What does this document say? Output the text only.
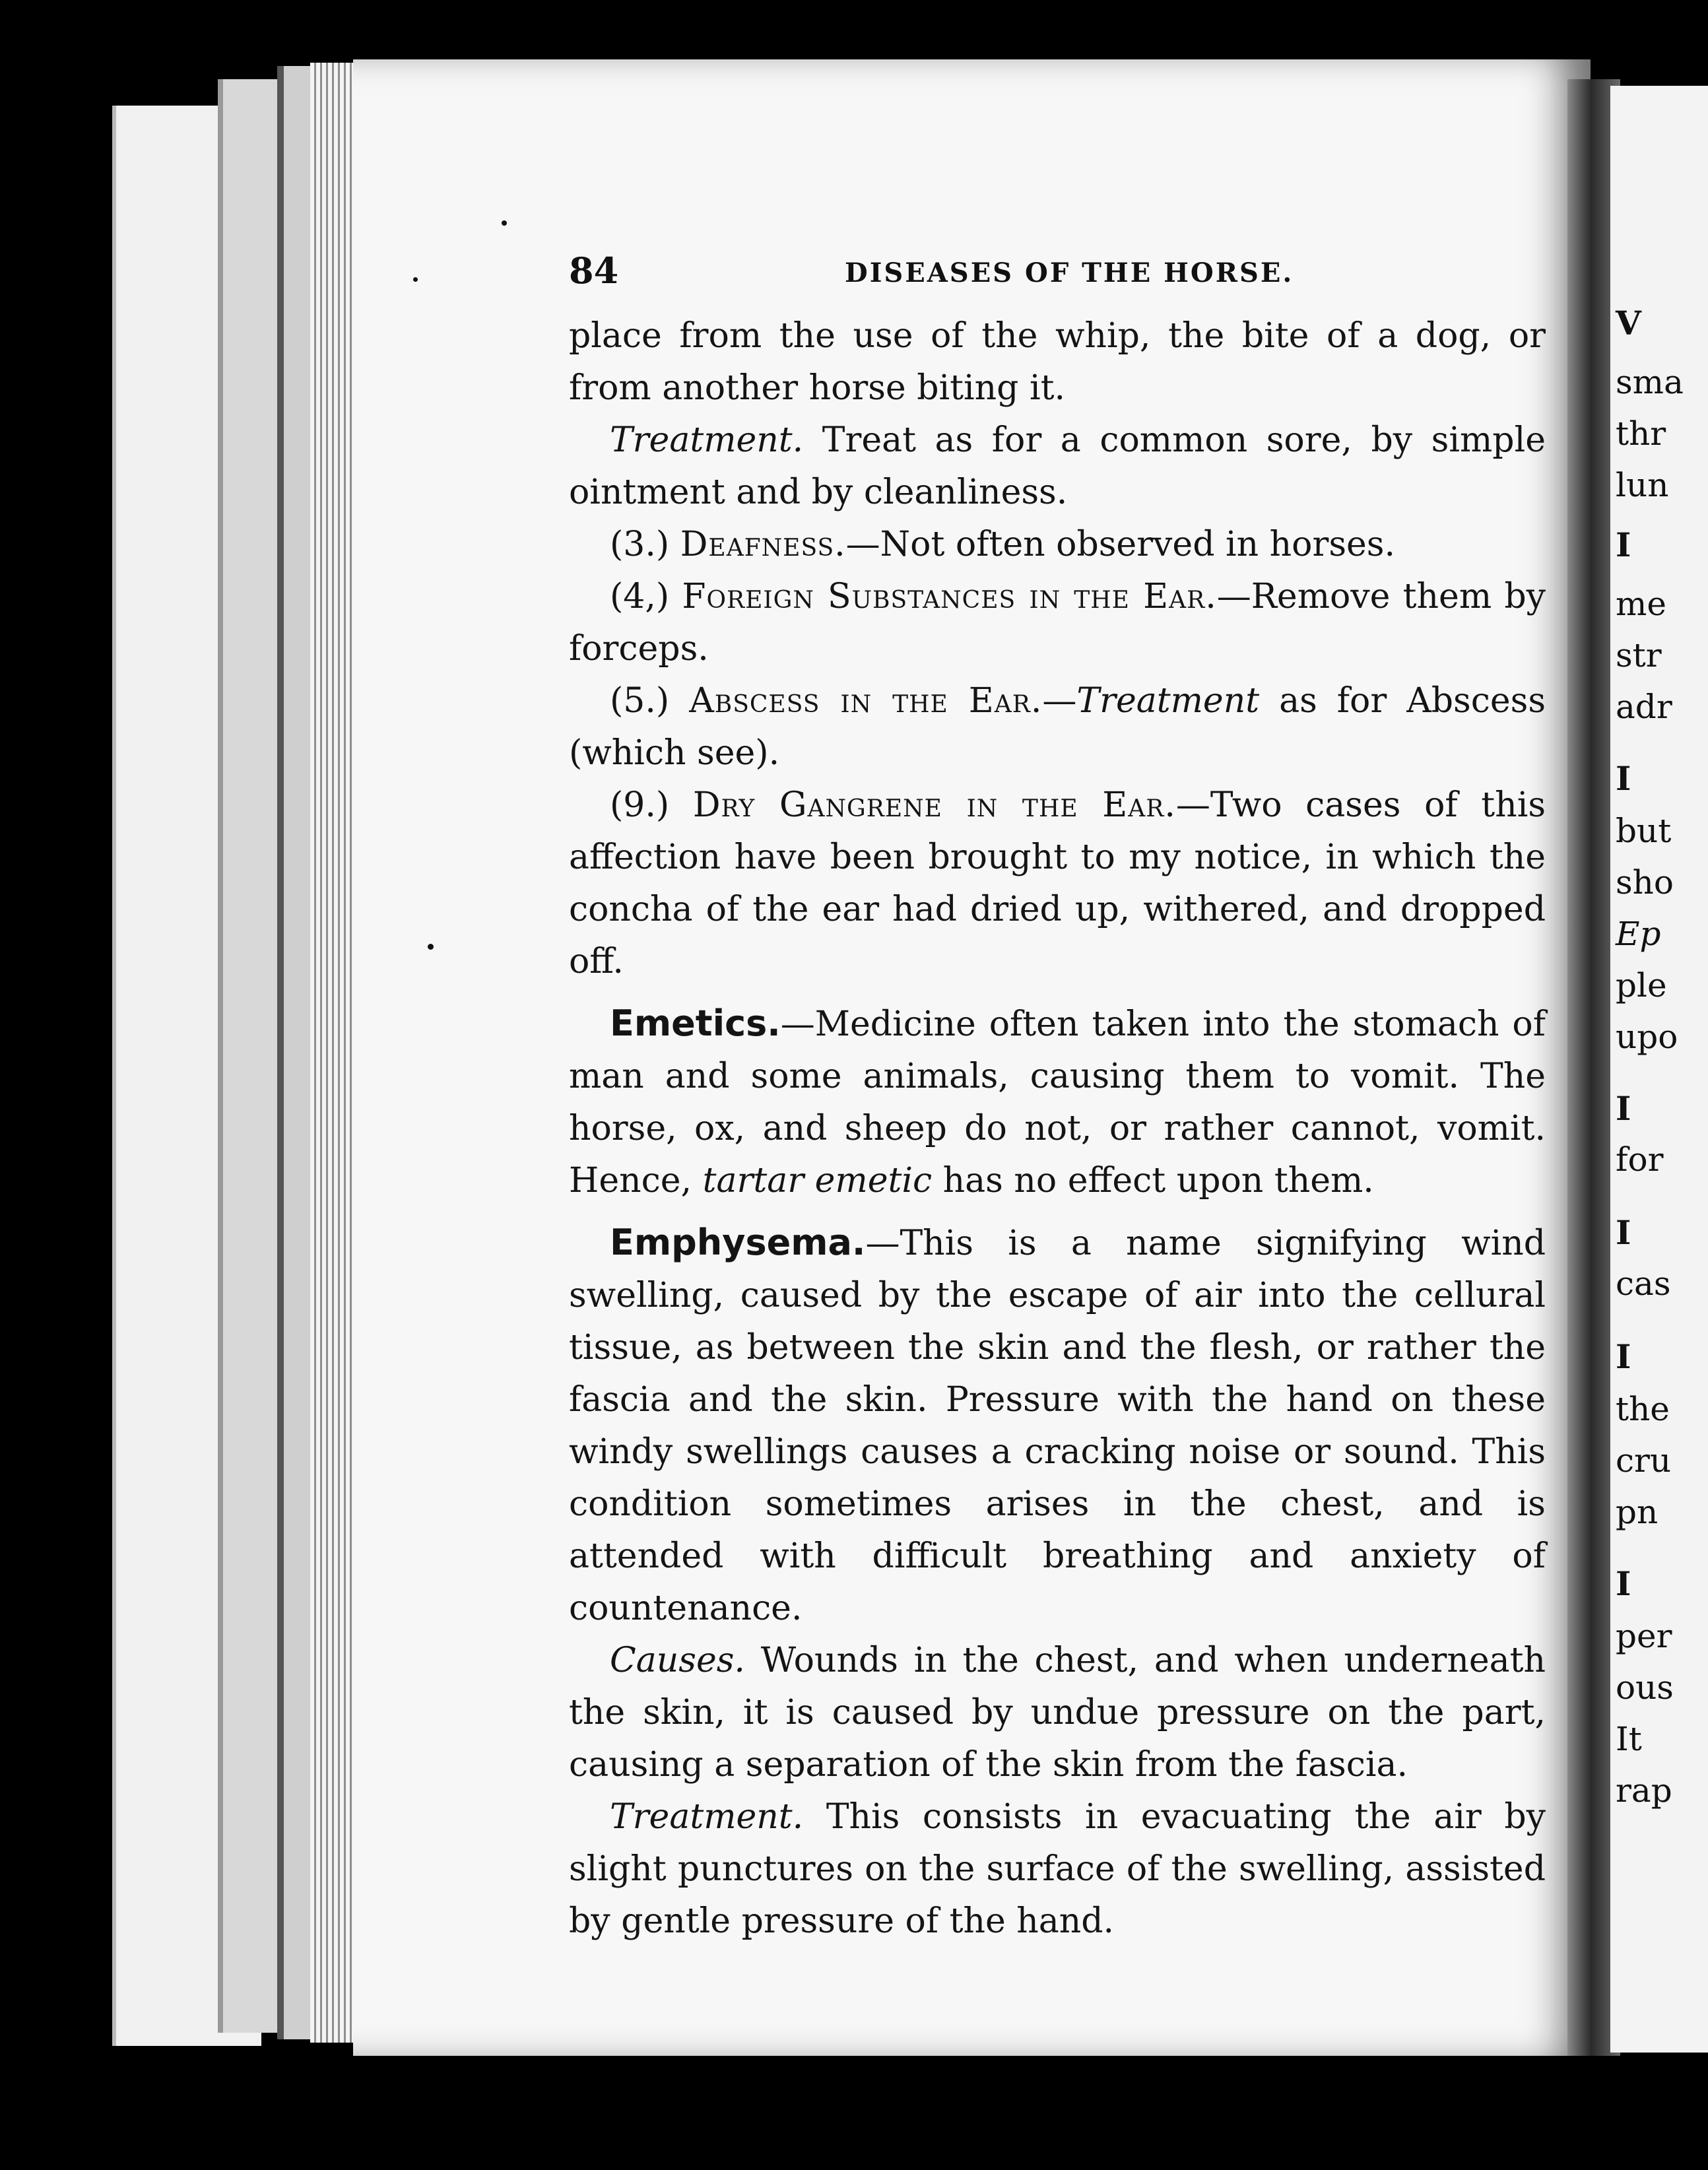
V
sma
thr
lun
I
me
str
adr
I
but
sho
Ep
ple
upo
I
for
I
cas
I
the
cru
pn
I
per
ous
It
rap
84	DISEASES OF THE HORSE.

place from the use of the whip, the bite of a dog, or from another horse biting it.

Treatment. Treat as for a common sore, by simple ointment and by cleanliness.

(3.) Deafness.—Not often observed in horses.

(4,) Foreign Substances in the Ear.—Remove them by forceps.

(5.) Abscess in the Ear.—Treatment as for Abscess (which see).

(9.) Dry Gangrene in the Ear.—Two cases of this affection have been brought to my notice, in which the concha of the ear had dried up, withered, and dropped off.

Emetics.—Medicine often taken into the stomach of man and some animals, causing them to vomit. The horse, ox, and sheep do not, or rather cannot, vomit. Hence, tartar emetic has no effect upon them.

Emphysema.—This is a name signifying wind swelling, caused by the escape of air into the cellural tissue, as between the skin and the flesh, or rather the fascia and the skin. Pressure with the hand on these windy swellings causes a cracking noise or sound. This condition sometimes arises in the chest, and is attended with difficult breathing and anxiety of countenance.

Causes. Wounds in the chest, and when underneath the skin, it is caused by undue pressure on the part, causing a separation of the skin from the fascia.

Treatment. This consists in evacuating the air by slight punctures on the surface of the swelling, assisted by gentle pressure of the hand.
